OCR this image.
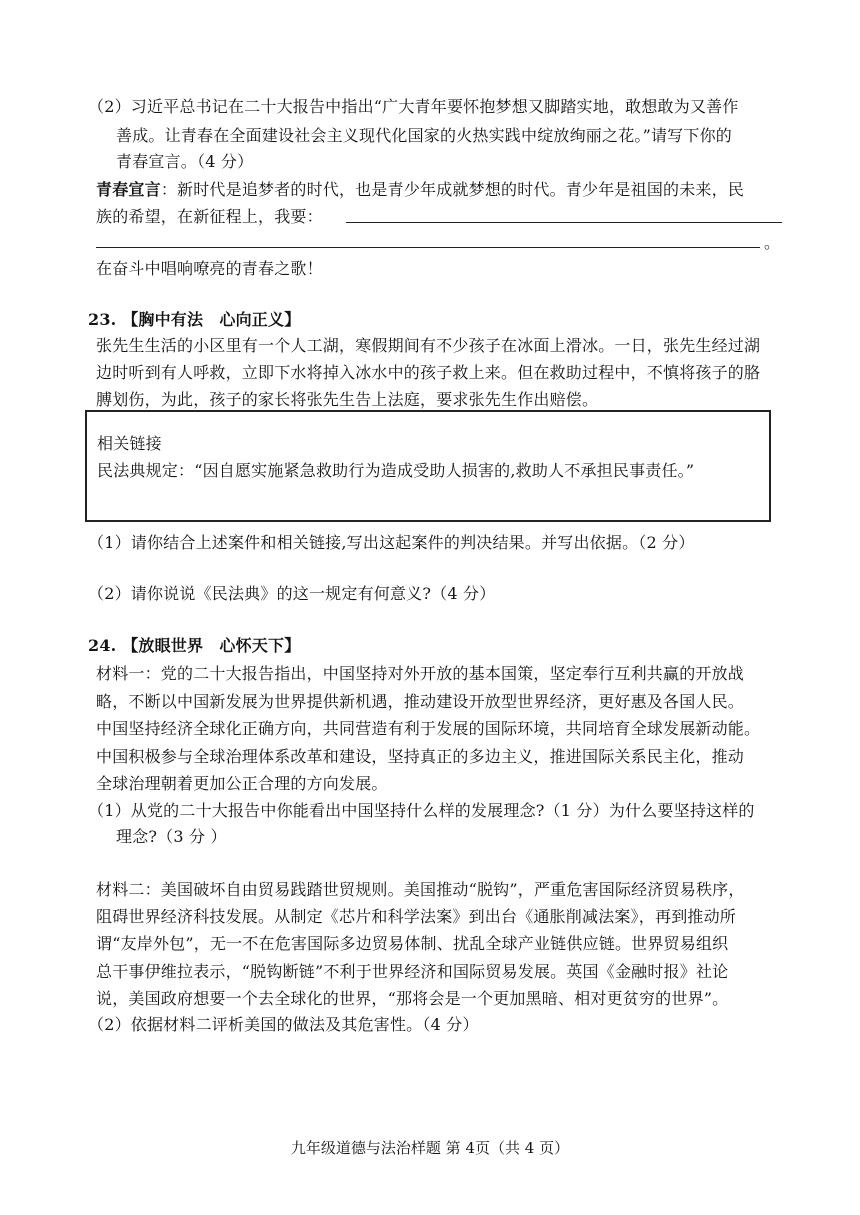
（2）习近平总书记在二十大报告中指出“广大青年要怀抱梦想又脚踏实地，敢想敢为又善作
善成。让青春在全面建设社会主义现代化国家的火热实践中绽放绚丽之花。”请写下你的
青春宣言。（4 分）
青春宣言：新时代是追梦者的时代，也是青少年成就梦想的时代。青少年是祖国的未来，民
族的希望，在新征程上，我要：
。
在奋斗中唱响嘹亮的青春之歌！
23. 【胸中有法　心向正义】
张先生生活的小区里有一个人工湖，寒假期间有不少孩子在冰面上滑冰。一日，张先生经过湖
边时听到有人呼救，立即下水将掉入冰水中的孩子救上来。但在救助过程中，不慎将孩子的胳
膊划伤，为此，孩子的家长将张先生告上法庭，要求张先生作出赔偿。
相关链接
民法典规定：“因自愿实施紧急救助行为造成受助人损害的,救助人不承担民事责任。”
（1）请你结合上述案件和相关链接,写出这起案件的判决结果。并写出依据。（2 分）
（2）请你说说《民法典》的这一规定有何意义?（4 分）
24. 【放眼世界　心怀天下】
材料一：党的二十大报告指出，中国坚持对外开放的基本国策，坚定奉行互利共赢的开放战
略，不断以中国新发展为世界提供新机遇，推动建设开放型世界经济，更好惠及各国人民。
中国坚持经济全球化正确方向，共同营造有利于发展的国际环境，共同培育全球发展新动能。
中国积极参与全球治理体系改革和建设，坚持真正的多边主义，推进国际关系民主化，推动
全球治理朝着更加公正合理的方向发展。
（1）从党的二十大报告中你能看出中国坚持什么样的发展理念?（1 分）为什么要坚持这样的
理念?（3 分 ）
材料二：美国破坏自由贸易践踏世贸规则。美国推动“脱钩”，严重危害国际经济贸易秩序，
阻碍世界经济科技发展。从制定《芯片和科学法案》到出台《通胀削减法案》，再到推动所
谓“友岸外包”，无一不在危害国际多边贸易体制、扰乱全球产业链供应链。世界贸易组织
总干事伊维拉表示，“脱钩断链”不利于世界经济和国际贸易发展。英国《金融时报》社论
说，美国政府想要一个去全球化的世界，“那将会是一个更加黑暗、相对更贫穷的世界”。
（2）依据材料二评析美国的做法及其危害性。（4 分）
九年级道德与法治样题 第 4页（共 4 页）
